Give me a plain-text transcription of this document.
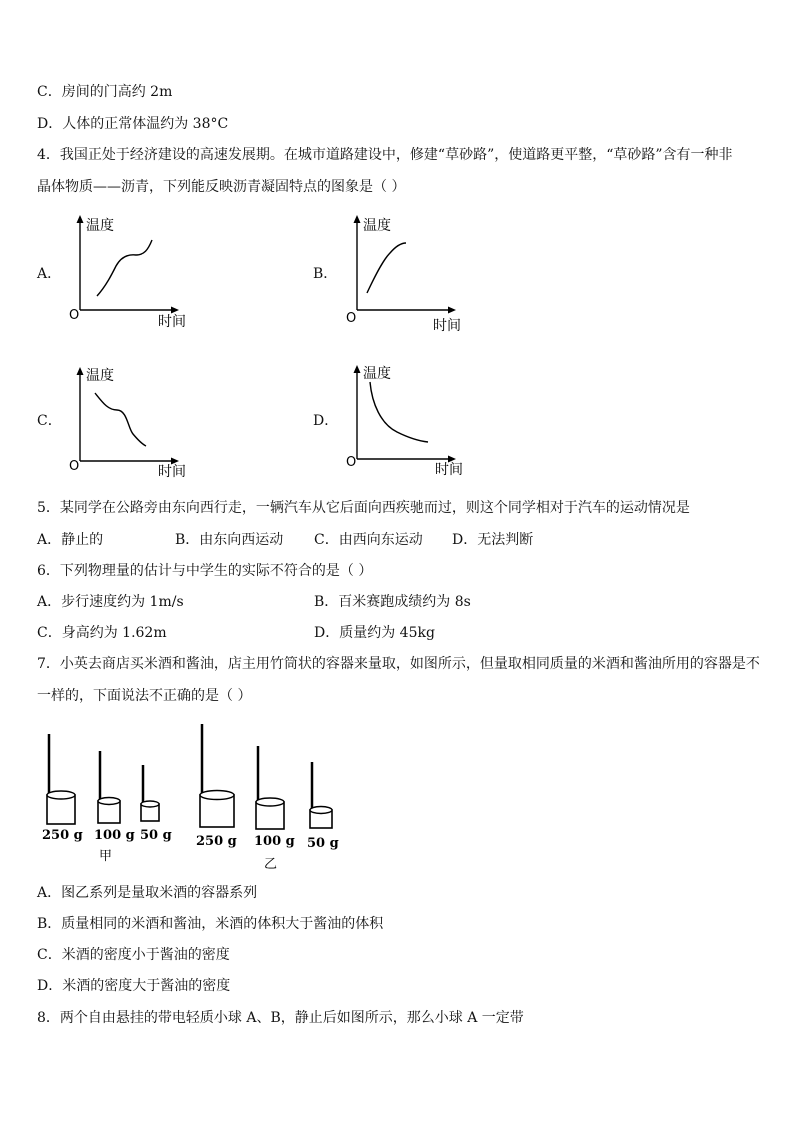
C．房间的门高约 2m
D．人体的正常体温约为 38°C
4．我国正处于经济建设的高速发展期。在城市道路建设中，修建“草砂路”，使道路更平整，“草砂路”含有一种非
晶体物质——沥青，下列能反映沥青凝固特点的图象是（ ）
A．	B．
C．	D．
温度
O	时间
温度
O	时间
温度
O	时间
温度
O	时间
5．某同学在公路旁由东向西行走，一辆汽车从它后面向西疾驰而过，则这个同学相对于汽车的运动情况是
A．静止的	B．由东向西运动 C．由西向东运动 D．无法判断
6．下列物理量的估计与中学生的实际不符合的是（ ）
A．步行速度约为 1m/s	B．百米赛跑成绩约为 8s
C．身高约为 1.62m	D．质量约为 45kg
7．小英去商店买米酒和酱油，店主用竹筒状的容器来量取，如图所示，但量取相同质量的米酒和酱油所用的容器是不
一样的，下面说法不正确的是（ ）
250 g 100 g 50 g
甲
250 g 100 g 50 g
乙
A．图乙系列是量取米酒的容器系列
B．质量相同的米酒和酱油，米酒的体积大于酱油的体积
C．米酒的密度小于酱油的密度
D．米酒的密度大于酱油的密度
8．两个自由悬挂的带电轻质小球 A、B，静止后如图所示，那么小球 A 一定带
